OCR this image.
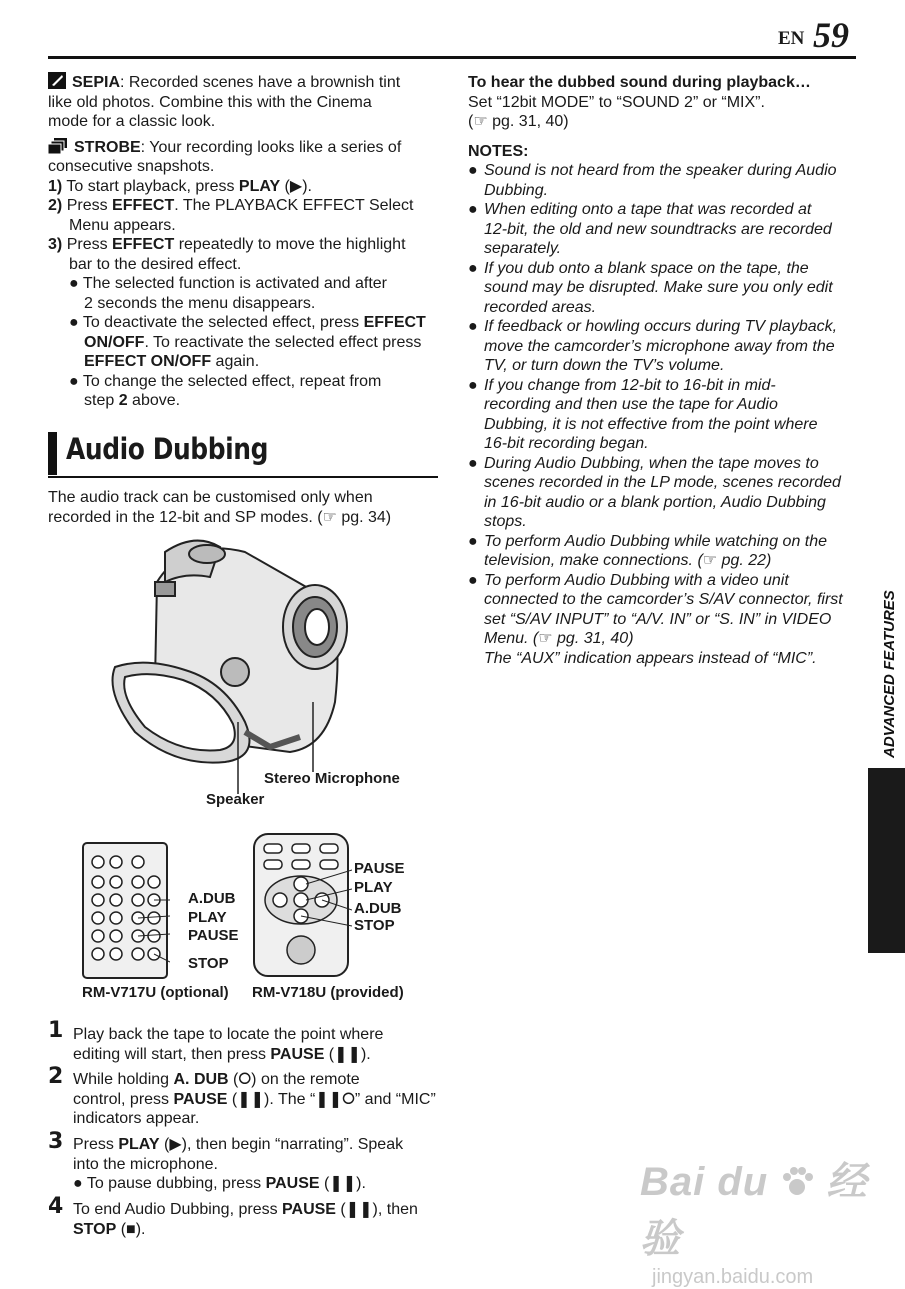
EN 59

SEPIA: Recorded scenes have a brownish tint

like old photos. Combine this with the Cinema

mode for a classic look.

STROBE: Your recording looks like a series of

consecutive snapshots.

1) To start playback, press PLAY (▶).

2) Press EFFECT. The PLAYBACK EFFECT Select

Menu appears.

3) Press EFFECT repeatedly to move the highlight

bar to the desired effect.

● The selected function is activated and after

2 seconds the menu disappears.

● To deactivate the selected effect, press EFFECT

ON/OFF. To reactivate the selected effect press

EFFECT ON/OFF again.

● To change the selected effect, repeat from

step 2 above.

Audio Dubbing

The audio track can be customised only when

recorded in the 12-bit and SP modes. (☞ pg. 34)

Stereo Microphone
Speaker
A.DUB
PLAY
PAUSE
STOP
PAUSE
PLAY
A.DUB
STOP
RM-V717U (optional) RM-V718U (provided)
1 Play back the tape to locate the point where

editing will start, then press PAUSE (❚❚).

2 While holding A. DUB (⭘) on the remote

control, press PAUSE (❚❚). The “❚❚⭘” and “MIC”

indicators appear.

3 Press PLAY (▶), then begin “narrating”. Speak

into the microphone.

● To pause dubbing, press PAUSE (❚❚).

4 To end Audio Dubbing, press PAUSE (❚❚), then

STOP (■).

To hear the dubbed sound during playback…

Set “12bit MODE” to “SOUND 2” or “MIX”.

(☞ pg. 31, 40)

NOTES:

● Sound is not heard from the speaker during Audio

Dubbing.

● When editing onto a tape that was recorded at

12-bit, the old and new soundtracks are recorded

separately.

● If you dub onto a blank space on the tape, the

sound may be disrupted. Make sure you only edit

recorded areas.

● If feedback or howling occurs during TV playback,

move the camcorder’s microphone away from the

TV, or turn down the TV’s volume.

● If you change from 12-bit to 16-bit in mid-

recording and then use the tape for Audio

Dubbing, it is not effective from the point where

16-bit recording began.

● During Audio Dubbing, when the tape moves to

scenes recorded in the LP mode, scenes recorded

in 16-bit audio or a blank portion, Audio Dubbing

stops.

● To perform Audio Dubbing while watching on the

television, make connections. (☞ pg. 22)

● To perform Audio Dubbing with a video unit

connected to the camcorder’s S/AV connector, first

set “S/AV INPUT” to “A/V. IN” or “S. IN” in VIDEO

Menu. (☞ pg. 31, 40)

The “AUX” indication appears instead of “MIC”.	ADVANCED FEATURES
Bai du 经验
jingyan.baidu.com
